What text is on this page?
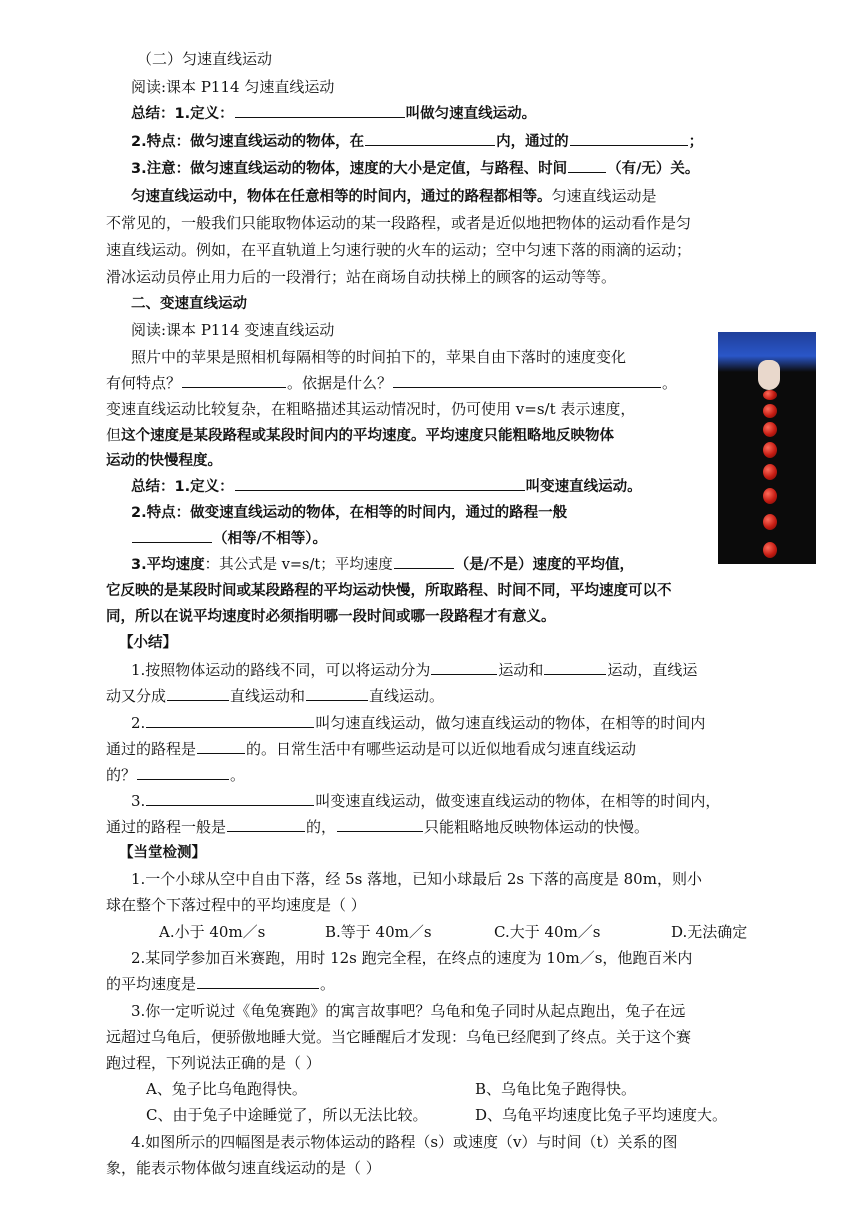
（二）匀速直线运动
阅读:课本 P114 匀速直线运动
总结：1.定义：	叫做匀速直线运动。
2.特点：做匀速直线运动的物体，在	内，通过的	；
3.注意：做匀速直线运动的物体，速度的大小是定值，与路程、时间	（有/无）关。
匀速直线运动中，物体在任意相等的时间内，通过的路程都相等。匀速直线运动是
不常见的，一般我们只能取物体运动的某一段路程，或者是近似地把物体的运动看作是匀
速直线运动。例如，在平直轨道上匀速行驶的火车的运动；空中匀速下落的雨滴的运动；
滑冰运动员停止用力后的一段滑行；站在商场自动扶梯上的顾客的运动等等。
二、变速直线运动
阅读:课本 P114 变速直线运动
照片中的苹果是照相机每隔相等的时间拍下的，苹果自由下落时的速度变化
有何特点？	。依据是什么？	。
变速直线运动比较复杂，在粗略描述其运动情况时，仍可使用 v=s/t 表示速度，
但这个速度是某段路程或某段时间内的平均速度。平均速度只能粗略地反映物体
运动的快慢程度。
总结：1.定义：	叫变速直线运动。
2.特点：做变速直线运动的物体，在相等的时间内，通过的路程一般
（相等/不相等）。
3.平均速度：其公式是 v=s/t；平均速度	（是/不是）速度的平均值，
它反映的是某段时间或某段路程的平均运动快慢，所取路程、时间不同，平均速度可以不
同，所以在说平均速度时必须指明哪一段时间或哪一段路程才有意义。
【小结】
1.按照物体运动的路线不同，可以将运动分为	运动和	运动，直线运
动又分成	直线运动和	直线运动。
2.	叫匀速直线运动，做匀速直线运动的物体，在相等的时间内
通过的路程是	的。日常生活中有哪些运动是可以近似地看成匀速直线运动
的？	。
3.	叫变速直线运动，做变速直线运动的物体，在相等的时间内，
通过的路程一般是	的，	只能粗略地反映物体运动的快慢。
【当堂检测】
1.一个小球从空中自由下落，经 5s 落地，已知小球最后 2s 下落的高度是 80m，则小
球在整个下落过程中的平均速度是（ ）
A.小于 40m／s	B.等于 40m／s	C.大于 40m／s	D.无法确定
2.某同学参加百米赛跑，用时 12s 跑完全程，在终点的速度为 10m／s，他跑百米内
的平均速度是	。
3.你一定听说过《龟兔赛跑》的寓言故事吧？乌龟和兔子同时从起点跑出，兔子在远
远超过乌龟后，便骄傲地睡大觉。当它睡醒后才发现：乌龟已经爬到了终点。关于这个赛
跑过程，下列说法正确的是（ ）
A、兔子比乌龟跑得快。	B、乌龟比兔子跑得快。
C、由于兔子中途睡觉了，所以无法比较。	D、乌龟平均速度比兔子平均速度大。
4.如图所示的四幅图是表示物体运动的路程（s）或速度（v）与时间（t）关系的图
象，能表示物体做匀速直线运动的是（ ）
